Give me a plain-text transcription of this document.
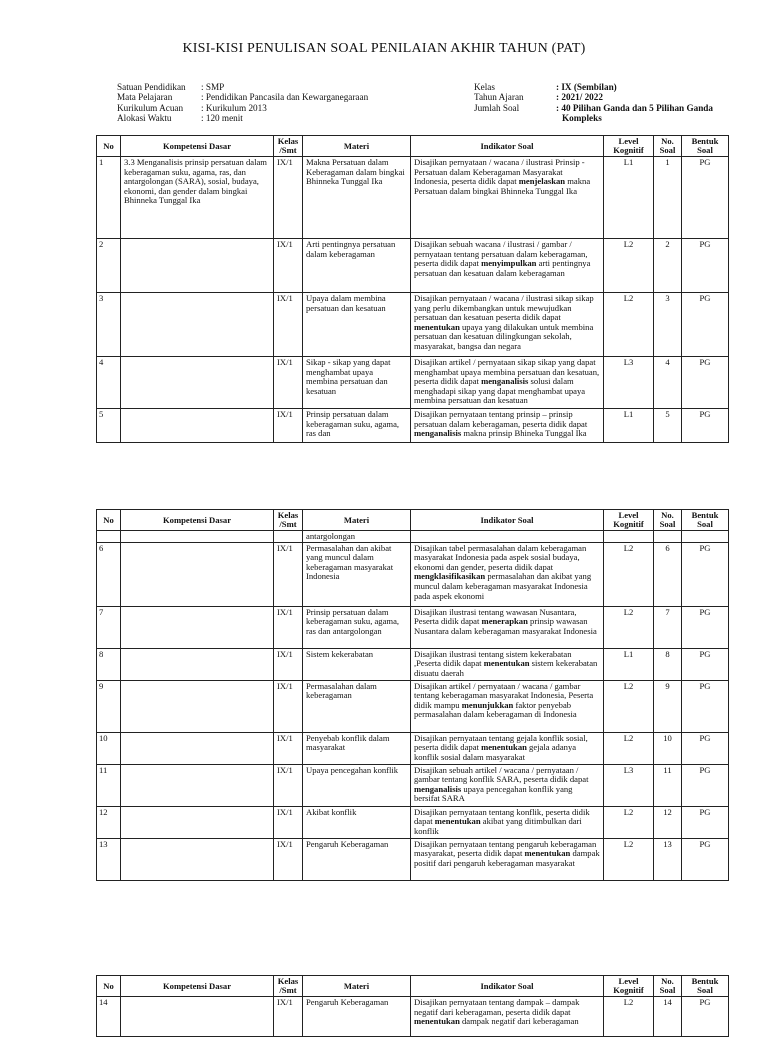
KISI-KISI PENULISAN SOAL PENILAIAN AKHIR TAHUN (PAT)
Satuan Pendidikan	: SMP
Mata Pelajaran	: Pendidikan Pancasila dan Kewarganegaraan
Kurikulum Acuan	: Kurikulum 2013
Alokasi Waktu	: 120 menit
Kelas	: IX (Sembilan)
Tahun Ajaran	: 2021/ 2022
Jumlah Soal	: 40 Pilihan Ganda dan 5 Pilihan Ganda
Kompleks
No	Kompetensi Dasar	Kelas /Smt	Materi	Indikator Soal	Level Kognitif	No. Soal	Bentuk Soal
1	3.3 Menganalisis prinsip persatuan dalam keberagaman suku, agama, ras, dan antargolongan (SARA), sosial, budaya, ekonomi, dan gender dalam bingkai Bhinneka Tunggal Ika	IX/1	Makna Persatuan dalam Keberagaman dalam bingkai Bhinneka Tunggal Ika	Disajikan pernyataan / wacana / ilustrasi Prinsip - Persatuan dalam Keberagaman Masyarakat Indonesia, peserta didik dapat menjelaskan makna Persatuan dalam bingkai Bhinneka Tunggal Ika	L1	1	PG
2		IX/1	Arti pentingnya persatuan dalam keberagaman	Disajikan sebuah wacana / ilustrasi / gambar / pernyataan tentang persatuan dalam keberagaman, peserta didik dapat menyimpulkan arti pentingnya persatuan dan kesatuan dalam keberagaman	L2	2	PG
3		IX/1	Upaya dalam membina persatuan dan kesatuan	Disajikan pernyataan / wacana / ilustrasi sikap sikap yang perlu dikembangkan untuk mewujudkan persatuan dan kesatuan peserta didik dapat menentukan upaya yang dilakukan untuk membina persatuan dan kesatuan dilingkungan sekolah, masyarakat, bangsa dan negara	L2	3	PG
4		IX/1	Sikap - sikap yang dapat menghambat upaya membina persatuan dan kesatuan	Disajikan artikel / pernyataan sikap sikap yang dapat menghambat upaya membina persatuan dan kesatuan, peserta didik dapat menganalisis solusi dalam menghadapi sikap yang dapat menghambat upaya membina persatuan dan kesatuan	L3	4	PG
5		IX/1	Prinsip persatuan dalam keberagaman suku, agama, ras dan	Disajikan pernyataan tentang prinsip – prinsip persatuan dalam keberagaman, peserta didik dapat menganalisis makna prinsip Bhineka Tunggal Ika	L1	5	PG
No	Kompetensi Dasar	Kelas /Smt	Materi	Indikator Soal	Level Kognitif	No. Soal	Bentuk Soal
			antargolongan				
6		IX/1	Permasalahan dan akibat yang muncul dalam keberagaman masyarakat Indonesia	Disajikan tabel permasalahan dalam keberagaman masyarakat Indonesia pada aspek sosial budaya, ekonomi dan gender, peserta didik dapat mengklasifikasikan permasalahan dan akibat yang muncul dalam keberagaman masyarakat Indonesia pada aspek ekonomi	L2	6	PG
7		IX/1	Prinsip persatuan dalam keberagaman suku, agama, ras dan antargolongan	Disajikan ilustrasi tentang wawasan Nusantara, Peserta didik dapat menerapkan prinsip wawasan Nusantara dalam keberagaman masyarakat Indonesia	L2	7	PG
8		IX/1	Sistem kekerabatan	Disajikan ilustrasi tentang sistem kekerabatan ,Peserta didik dapat menentukan sistem kekerabatan disuatu daerah	L1	8	PG
9		IX/1	Permasalahan dalam keberagaman	Disajikan artikel / pernyataan / wacana / gambar tentang keberagaman masyarakat Indonesia, Peserta didik mampu menunjukkan faktor penyebab permasalahan dalam keberagaman di Indonesia	L2	9	PG
10		IX/1	Penyebab konflik dalam masyarakat	Disajikan pernyataan tentang gejala konflik sosial, peserta didik dapat menentukan gejala adanya konflik sosial dalam masyarakat	L2	10	PG
11		IX/1	Upaya pencegahan konflik	Disajikan sebuah artikel / wacana / pernyataan / gambar tentang konflik SARA, peserta didik dapat menganalisis upaya pencegahan konflik yang bersifat SARA	L3	11	PG
12		IX/1	Akibat konflik	Disajikan pernyataan tentang konflik, peserta didik dapat menentukan akibat yang ditimbulkan dari konflik	L2	12	PG
13		IX/1	Pengaruh Keberagaman	Disajikan pernyataan tentang pengaruh keberagaman masyarakat, peserta didik dapat menentukan dampak positif dari pengaruh keberagaman masyarakat	L2	13	PG
No	Kompetensi Dasar	Kelas /Smt	Materi	Indikator Soal	Level Kognitif	No. Soal	Bentuk Soal
14		IX/1	Pengaruh Keberagaman	Disajikan pernyataan tentang dampak – dampak negatif dari keberagaman, peserta didik dapat menentukan dampak negatif dari keberagaman	L2	14	PG
